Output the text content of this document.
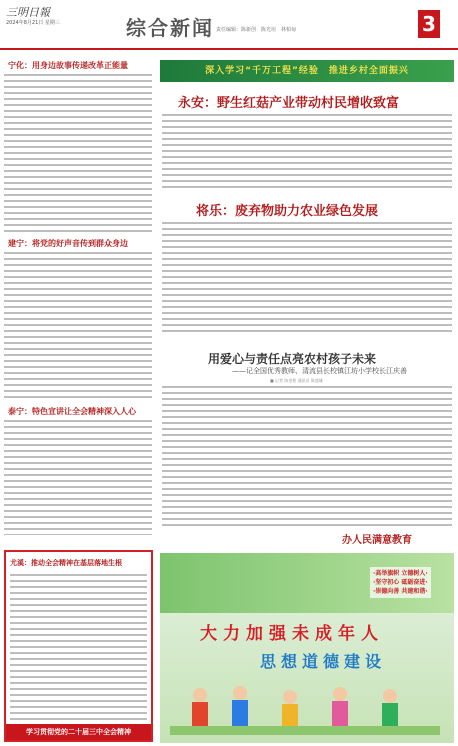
三明日報
2024年8月21日 星期三	综合新闻 责任编辑：陈新创　陈光垣　林柏甸	3
宁化：用身边故事传递改革正能量
建宁：将党的好声音传到群众身边
泰宁：特色宣讲让全会精神深入人心
尤溪：推动全会精神在基层落地生根
学习贯彻党的二十届三中全会精神
深入学习“千万工程”经验　推进乡村全面振兴
永安：野生红菇产业带动村民增收致富
将乐：废弃物助力农业绿色发展
用爱心与责任点亮农村孩子未来
——记全国优秀教师、清流县长校镇江坊小学校长江庆善
■ 记者 陈金铭 通讯员 陈盛雄
办人民满意教育
·高举旗帜 立德树人·
·坚守初心 砥砺奋进·
·崇德向善 共建和谐·
大力加强未成年人
思想道德建设
